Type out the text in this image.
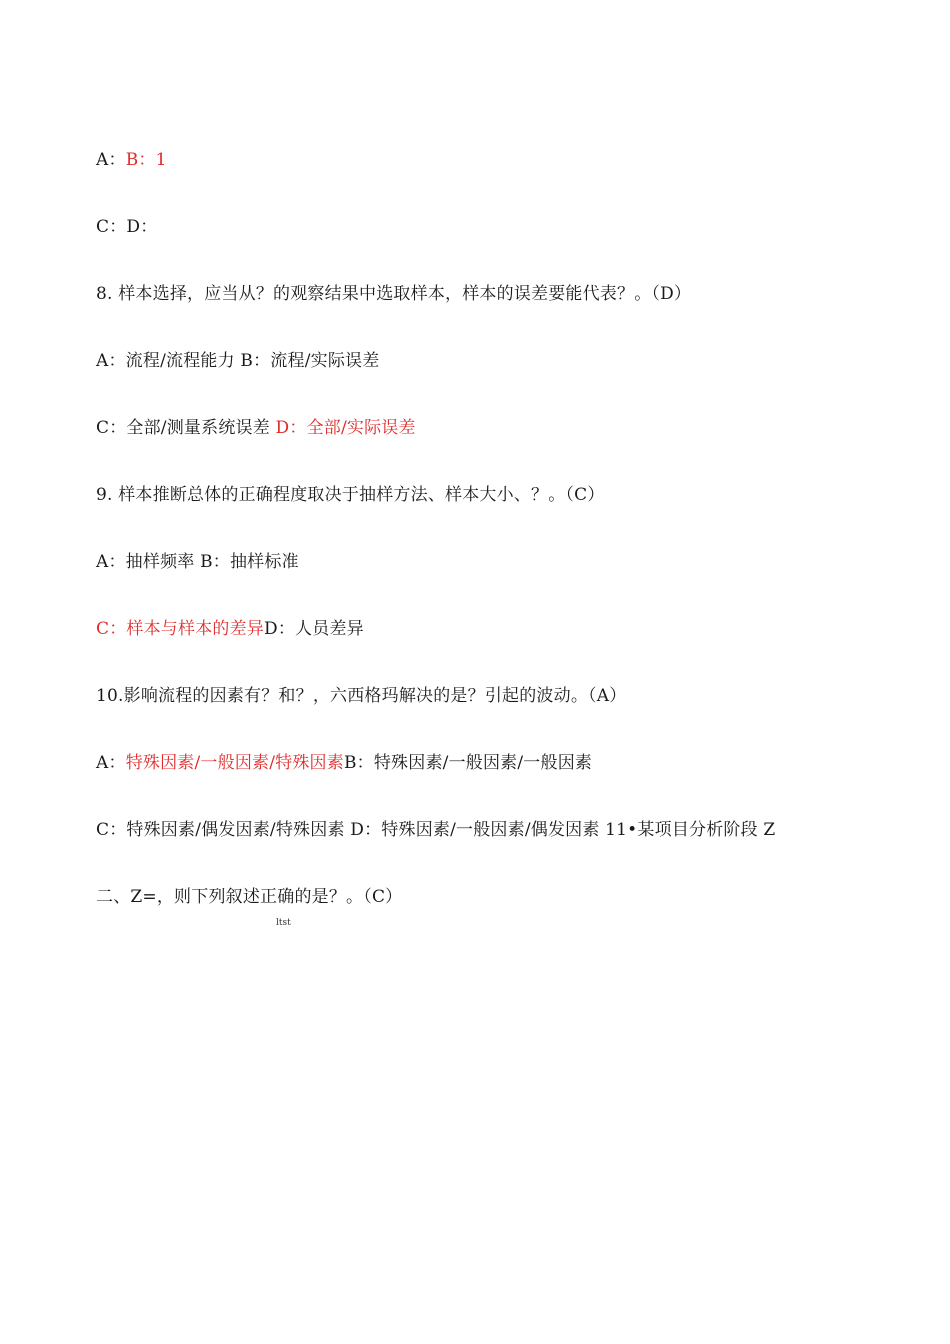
A：B：1
C：D：
8. 样本选择，应当从？的观察结果中选取样本，样本的误差要能代表？。（D）
A：流程/流程能力 B：流程/实际误差
C：全部/测量系统误差 D：全部/实际误差
9. 样本推断总体的正确程度取决于抽样方法、样本大小、？。（C）
A：抽样频率 B：抽样标准
C：样本与样本的差异D：人员差异
10.影响流程的因素有？和？，六西格玛解决的是？引起的波动。（A）
A：特殊因素/一般因素/特殊因素B：特殊因素/一般因素/一般因素
C：特殊因素/偶发因素/特殊因素 D：特殊因素/一般因素/偶发因素 11•某项目分析阶段 Z
二、Z=，则下列叙述正确的是？。（C）
ltst
